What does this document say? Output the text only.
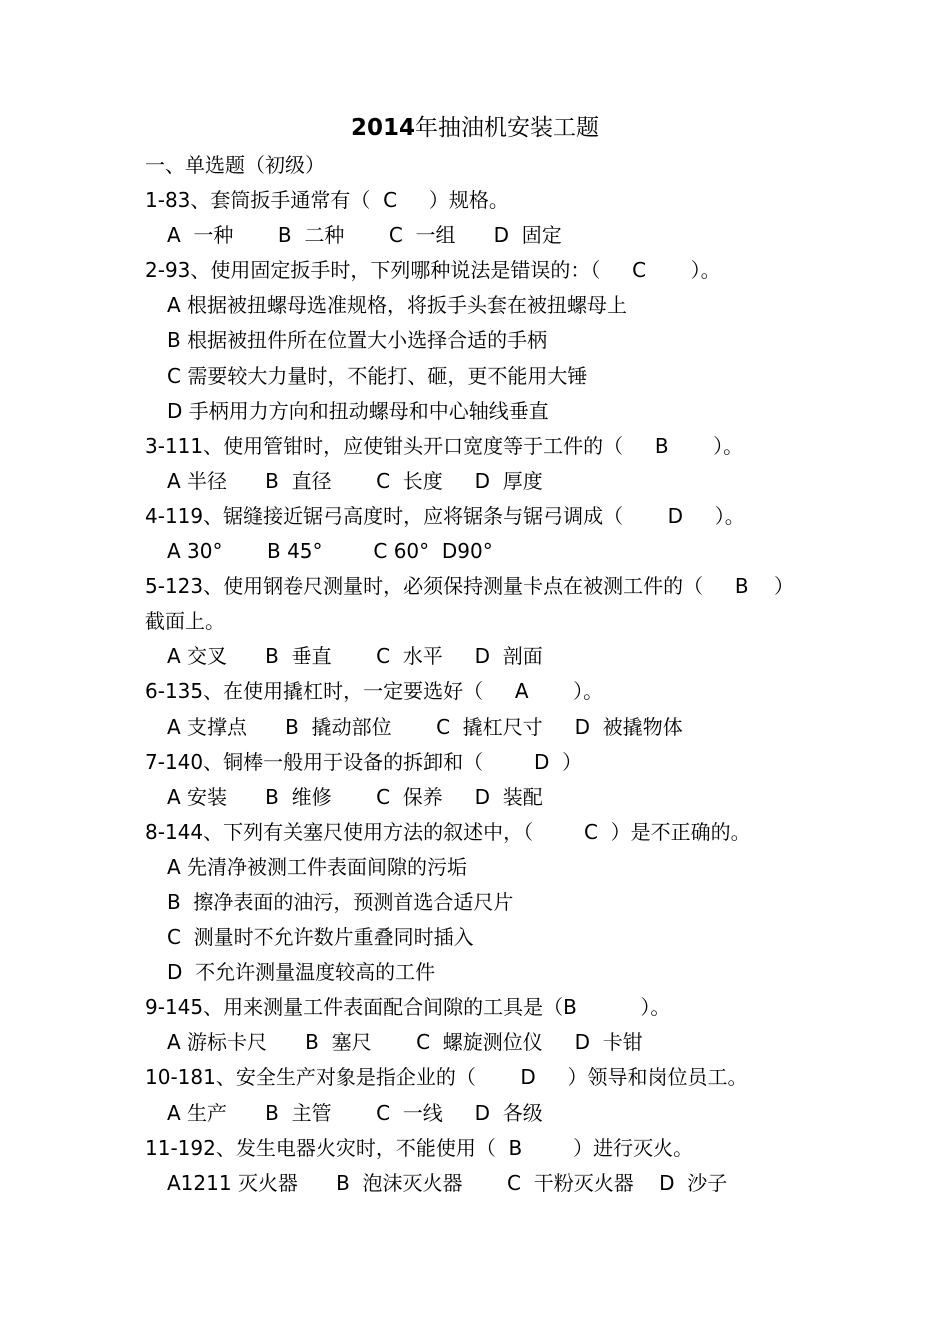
2014年抽油机安装工题
一、单选题（初级）
1-83、套筒扳手通常有（  C     ）规格。
A  一种       B  二种       C  一组      D  固定
2-93、使用固定扳手时，下列哪种说法是错误的：（     C       ）。
A 根据被扭螺母选准规格，将扳手头套在被扭螺母上
B 根据被扭件所在位置大小选择合适的手柄
C 需要较大力量时，不能打、砸，更不能用大锤
D 手柄用力方向和扭动螺母和中心轴线垂直
3-111、使用管钳时，应使钳头开口宽度等于工件的（     B       ）。
A 半径      B  直径       C  长度     D  厚度
4-119、锯缝接近锯弓高度时，应将锯条与锯弓调成（       D     ）。
A 30°       B 45°        C 60°  D90°
5-123、使用钢卷尺测量时，必须保持测量卡点在被测工件的（     B    ）
截面上。
A 交叉      B  垂直       C  水平     D  剖面
6-135、在使用撬杠时，一定要选好（     A       ）。
A 支撑点      B  撬动部位       C  撬杠尺寸     D  被撬物体
7-140、铜棒一般用于设备的拆卸和（        D  ）
A 安装      B  维修       C  保养     D  装配
8-144、下列有关塞尺使用方法的叙述中，（        C  ）是不正确的。
A 先清净被测工件表面间隙的污垢
B  擦净表面的油污，预测首选合适尺片
C  测量时不允许数片重叠同时插入
D  不允许测量温度较高的工件
9-145、用来测量工件表面配合间隙的工具是（B          ）。
A 游标卡尺      B  塞尺       C  螺旋测位仪     D  卡钳
10-181、安全生产对象是指企业的（       D     ）领导和岗位员工。
A 生产      B  主管       C  一线     D  各级
11-192、发生电器火灾时，不能使用（  B        ）进行灭火。
A1211 灭火器      B  泡沫灭火器       C  干粉灭火器    D  沙子
